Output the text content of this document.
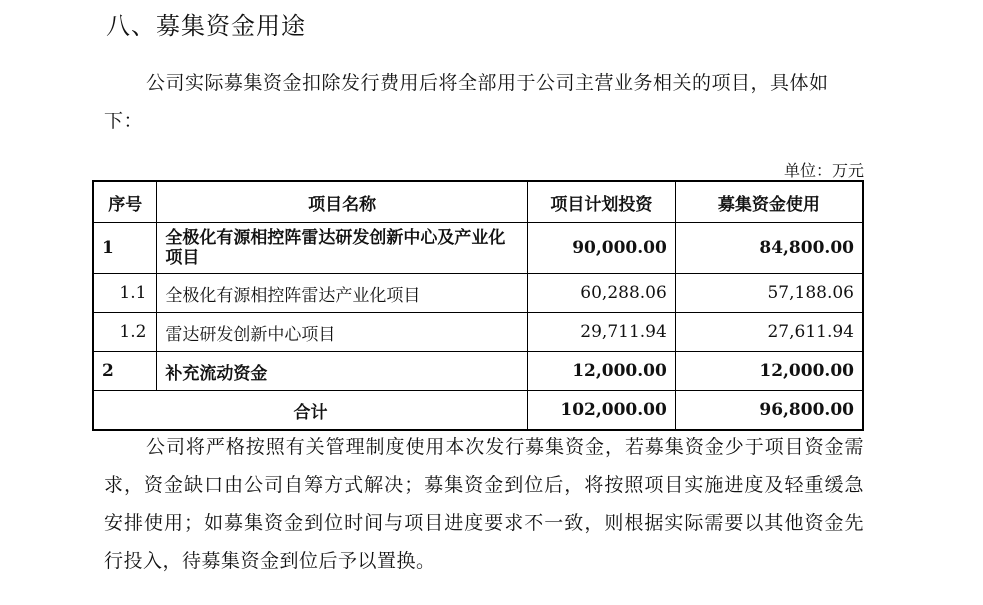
八、募集资金用途
公司实际募集资金扣除发行费用后将全部用于公司主营业务相关的项目，具体如下：
单位：万元
序号	项目名称	项目计划投资	募集资金使用
1	全极化有源相控阵雷达研发创新中心及产业化项目	90,000.00	84,800.00
1.1	全极化有源相控阵雷达产业化项目	60,288.06	57,188.06
1.2	雷达研发创新中心项目	29,711.94	27,611.94
2	补充流动资金	12,000.00	12,000.00
合计		102,000.00	96,800.00
公司将严格按照有关管理制度使用本次发行募集资金，若募集资金少于项目资金需求，资金缺口由公司自筹方式解决；募集资金到位后，将按照项目实施进度及轻重缓急安排使用；如募集资金到位时间与项目进度要求不一致，则根据实际需要以其他资金先行投入，待募集资金到位后予以置换。
